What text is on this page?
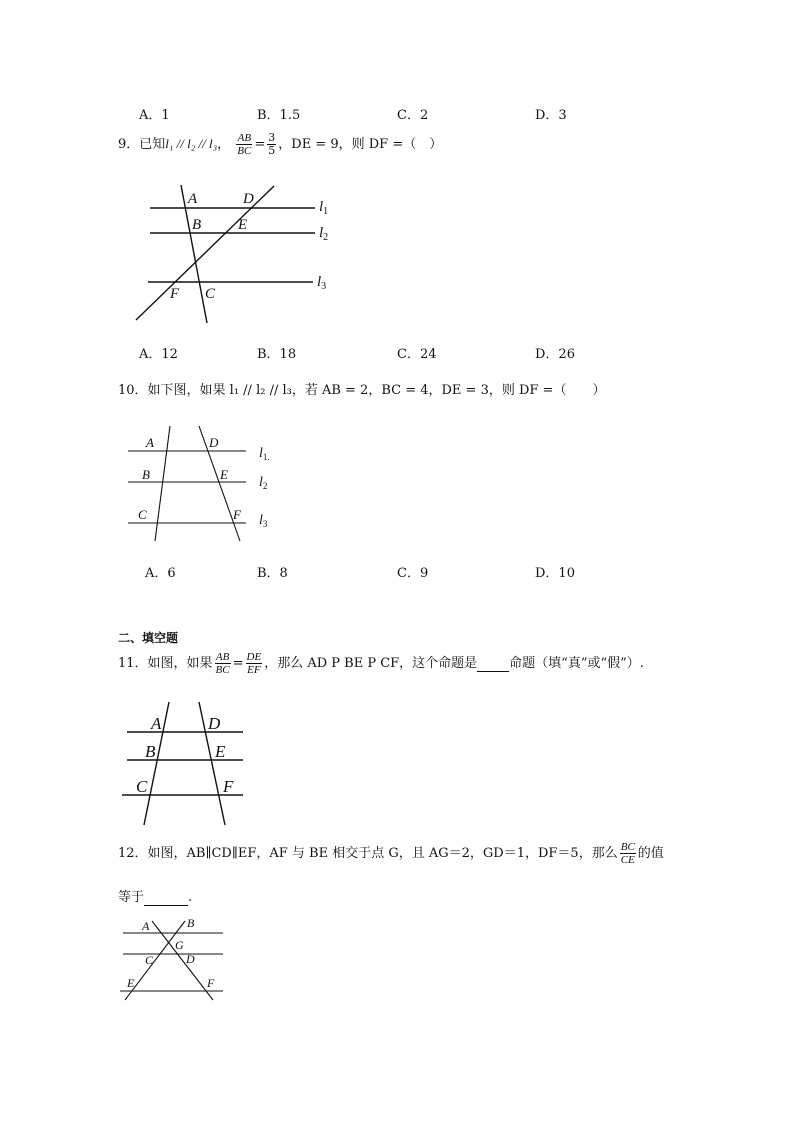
A．1	B．1.5	C．2	D．3
9．已知l₁ // l₂ // l₃， $\frac{AB}{BC} = \frac{3}{5}$ ，DE = 9，则 DF =（　）
A	D
B E
F C
$l_1$
$l_2$
$l_3$
A．12	B．18	C．24	D．26
10．如下图，如果 l₁ // l₂ // l₃，若 AB = 2，BC = 4，DE = 3，则 DF =（　　）
A	D
B	E
C	F
$l_{1.}$
$l_2$
$l_3$
A．6	B．8	C．9	D．10
二、填空题
11．如图，如果 $\frac{AB}{BC} = \frac{DE}{EF}$ ，那么 AD P BE P CF，这个命题是 命题（填“真”或“假”）.
A	D
B	E
C	F
12．如图，AB∥CD∥EF，AF 与 BE 相交于点 G，且 AG＝2，GD＝1，DF＝5，那么 $\frac{BC}{CE}$ 的值
等于	.
A	B
G
C	D
E	F
